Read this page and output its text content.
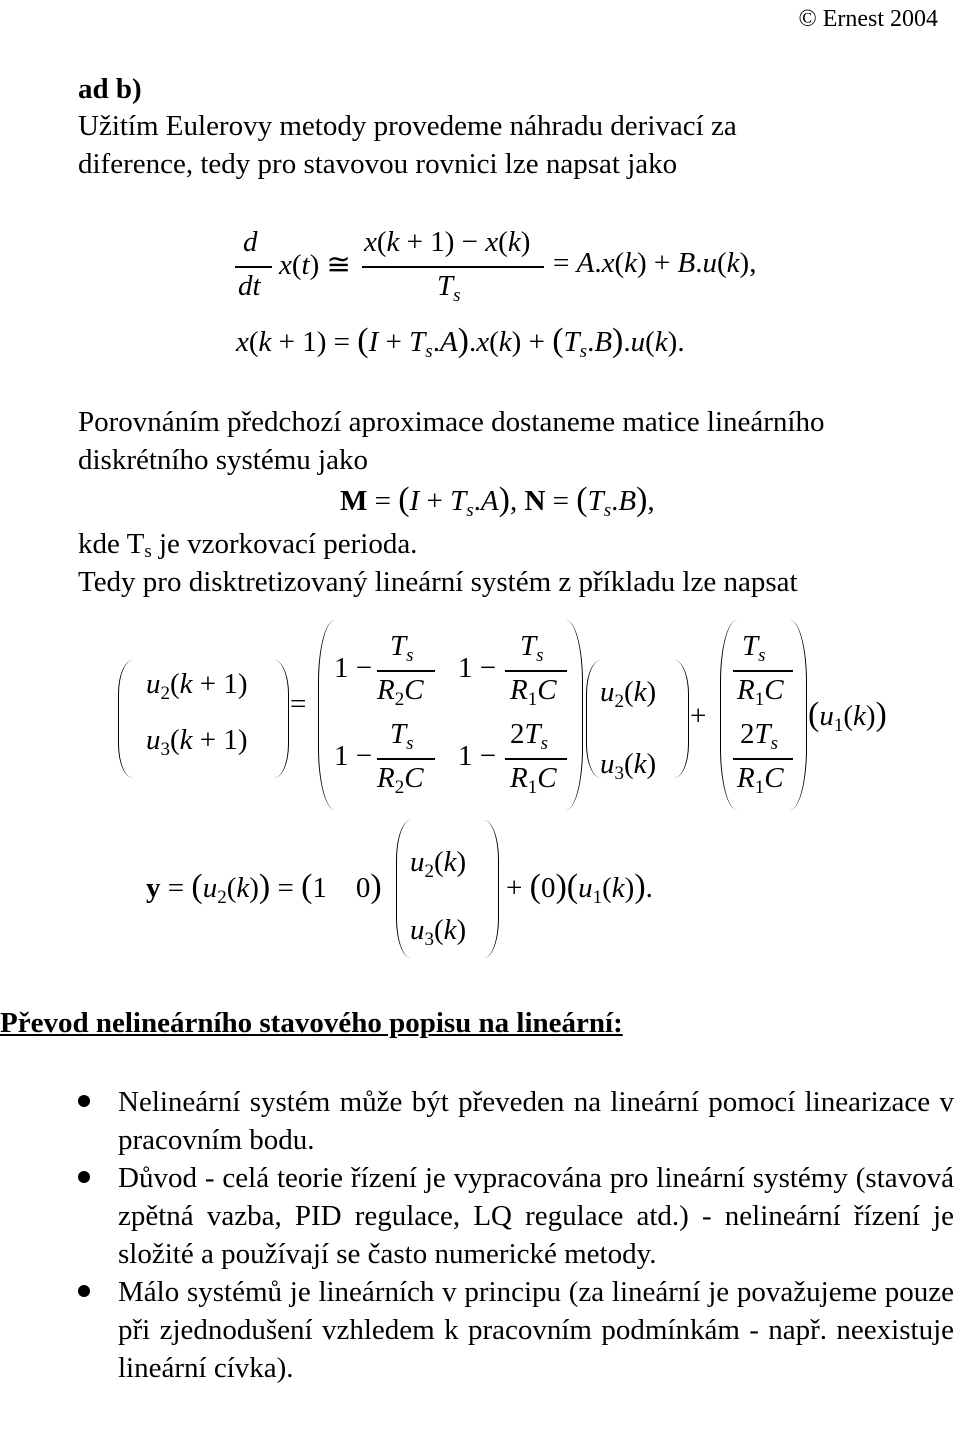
© Ernest 2004
ad b)
Užitím Eulerovy metody provedeme náhradu derivací za
diference, tedy pro stavovou rovnici lze napsat jako
d
dt
x(t) ≅
x(k + 1) − x(k)
$T_s$
= A.x(k) + B.u(k),
$x(k + 1) = (I + T_s.A).x(k) + (T_s.B).u(k)$.
Porovnáním předchozí aproximace dostaneme matice lineárního
diskrétního systému jako
$M = (I + T_s.A)$, $N = (T_s.B)$,
kde $T_s$ je vzorkovací perioda.
Tedy pro disktretizovaný lineární systém z příkladu lze napsat
$u_2(k + 1)$
$u_3(k + 1)$
=
1 −
$T_s$
$R_2C$
1 −
$T_s$
$R_1C$
1 −
$T_s$
$R_2C$
1 −
$2T_s$
$R_1C$
$u_2(k)$
$u_3(k)$
+
$T_s$
$R_1C$
$2T_s$
$R_1C$
$(u_1(k))$
$y = (u_2(k)) = (1$    0)
$u_2(k)$
$u_3(k)$
+ $(0)(u_1(k))$.
Převod nelineárního stavového popisu na lineární:
Nelineární systém může být převeden na lineární pomocí linearizace v pracovním bodu.
Důvod - celá teorie řízení je vypracována pro lineární systémy (stavová zpětná vazba, PID regulace, LQ regulace atd.) - nelineární řízení je složité a používají se často numerické metody.
Málo systémů je lineárních v principu (za lineární je považujeme pouze při zjednodušení vzhledem k pracovním podmínkám - např. neexistuje lineární cívka).
